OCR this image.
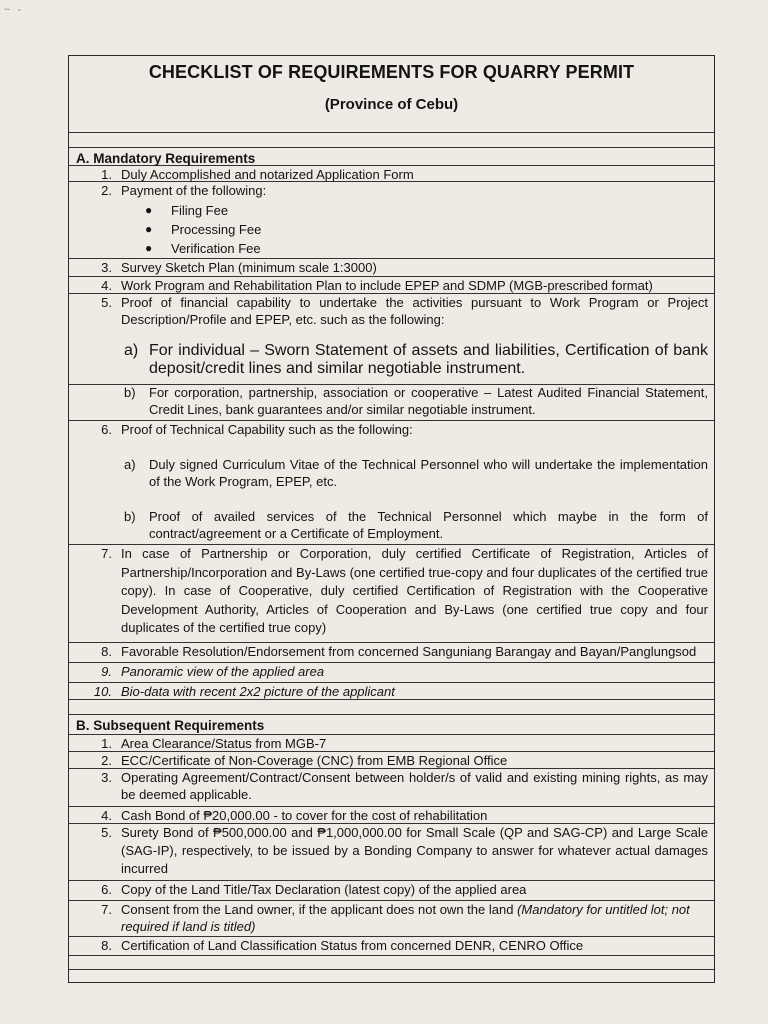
~ -
CHECKLIST OF REQUIREMENTS FOR QUARRY PERMIT
(Province of Cebu)
A. Mandatory Requirements
1. Duly Accomplished and notarized Application Form
2. Payment of the following:
● Filing Fee
● Processing Fee
● Verification Fee
3. Survey Sketch Plan (minimum scale 1:3000)
4. Work Program and Rehabilitation Plan to include EPEP and SDMP (MGB-prescribed format)
5. Proof of financial capability to undertake the activities pursuant to Work Program or Project Description/Profile and EPEP, etc. such as the following:
a) For individual – Sworn Statement of assets and liabilities, Certification of bank deposit/credit lines and similar negotiable instrument.
b)	For corporation, partnership, association or cooperative – Latest Audited Financial Statement, Credit Lines, bank guarantees and/or similar negotiable instrument.
6. Proof of Technical Capability such as the following:
a)	Duly signed Curriculum Vitae of the Technical Personnel who will undertake the implementation of the Work Program, EPEP, etc.
b)	Proof of availed services of the Technical Personnel which maybe in the form of contract/agreement or a Certificate of Employment.
7. In case of Partnership or Corporation, duly certified Certificate of Registration, Articles of Partnership/Incorporation and By-Laws (one certified true-copy and four duplicates of the certified true copy). In case of Cooperative, duly certified Certification of Registration with the Cooperative Development Authority, Articles of Cooperation and By-Laws (one certified true copy and four duplicates of the certified true copy)
8. Favorable Resolution/Endorsement from concerned Sanguniang Barangay and Bayan/Panglungsod
9. Panoramic view of the applied area
10. Bio-data with recent 2x2 picture of the applicant
B. Subsequent Requirements
1. Area Clearance/Status from MGB-7
2. ECC/Certificate of Non-Coverage (CNC) from EMB Regional Office
3. Operating Agreement/Contract/Consent between holder/s of valid and existing mining rights, as may be deemed applicable.
4. Cash Bond of ₱20,000.00 - to cover for the cost of rehabilitation
5. Surety Bond of ₱500,000.00 and ₱1,000,000.00 for Small Scale (QP and SAG-CP) and Large Scale (SAG-IP), respectively, to be issued by a Bonding Company to answer for whatever actual damages incurred
6. Copy of the Land Title/Tax Declaration (latest copy) of the applied area
7. Consent from the Land owner, if the applicant does not own the land (Mandatory for untitled lot; not required if land is titled)
8. Certification of Land Classification Status from concerned DENR, CENRO Office
